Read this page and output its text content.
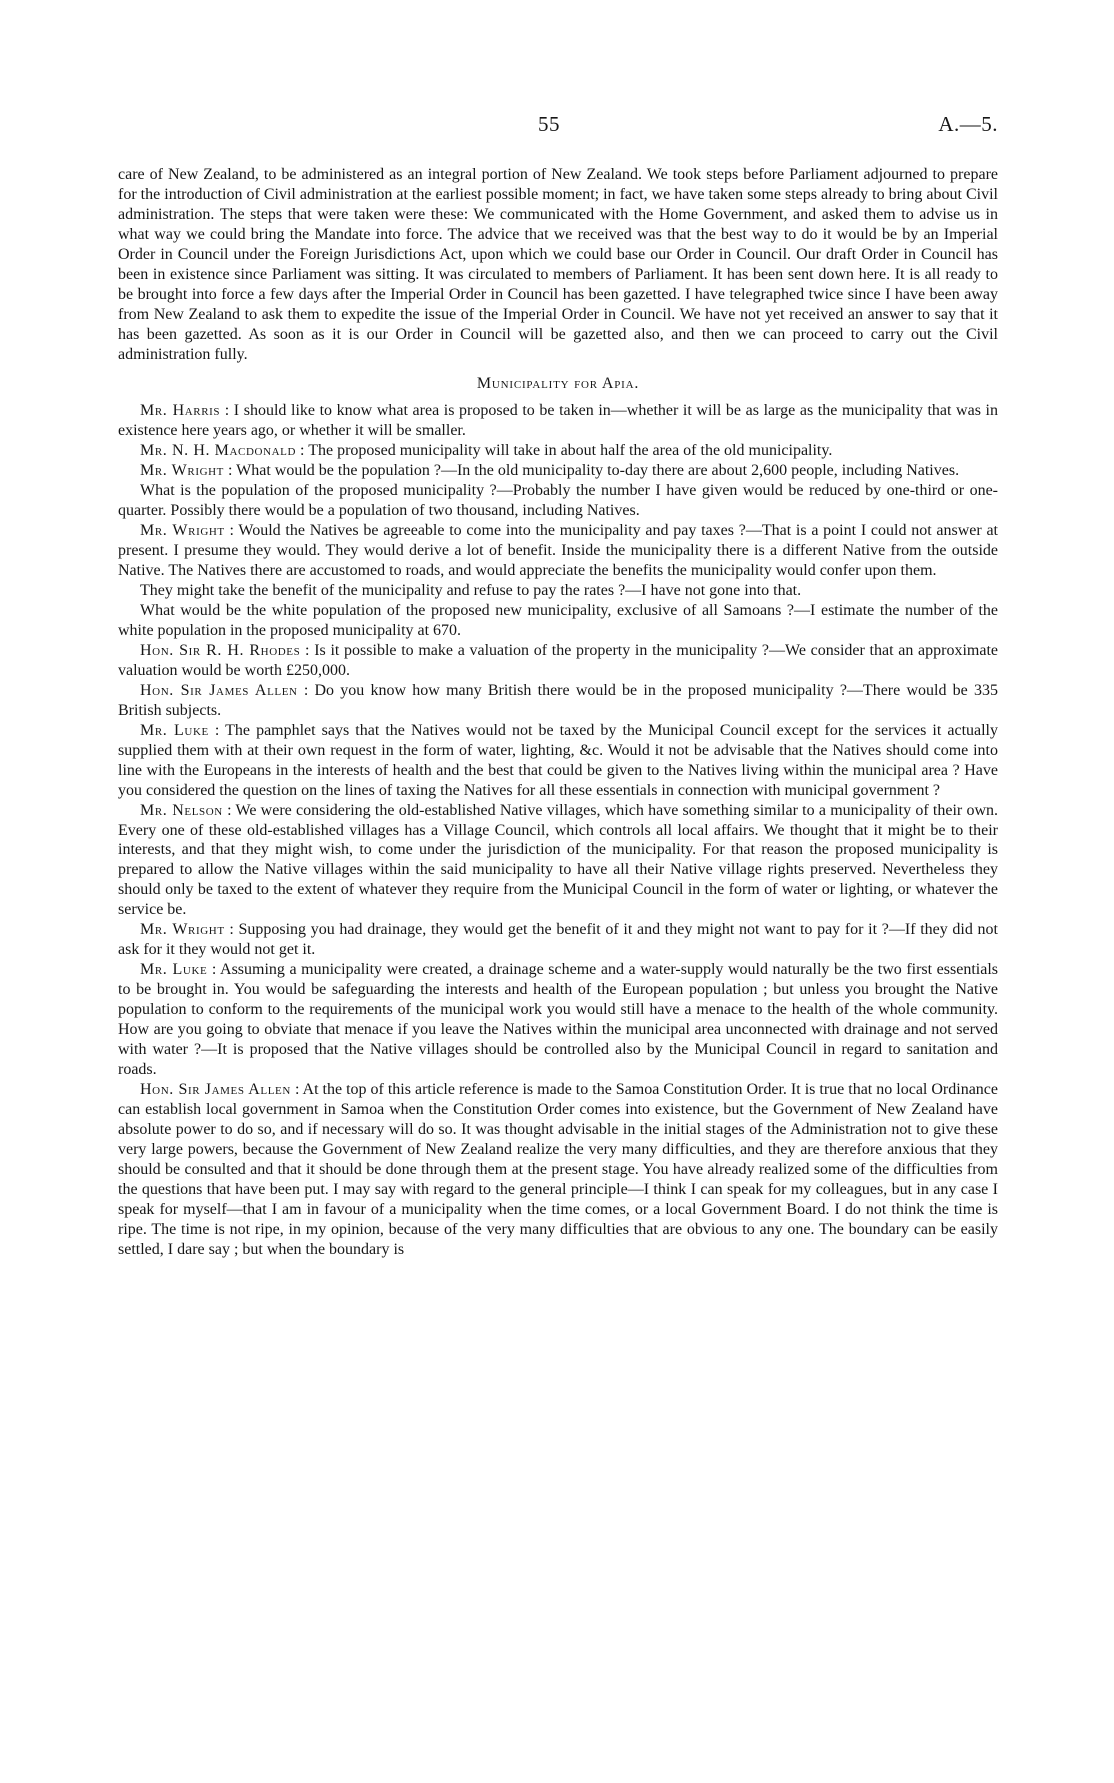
55	A.—5.

care of New Zealand, to be administered as an integral portion of New Zealand. We took steps before Parliament adjourned to prepare for the introduction of Civil administration at the earliest possible moment; in fact, we have taken some steps already to bring about Civil administration. The steps that were taken were these: We communicated with the Home Government, and asked them to advise us in what way we could bring the Mandate into force. The advice that we received was that the best way to do it would be by an Imperial Order in Council under the Foreign Jurisdictions Act, upon which we could base our Order in Council. Our draft Order in Council has been in existence since Parliament was sitting. It was circulated to members of Parliament. It has been sent down here. It is all ready to be brought into force a few days after the Imperial Order in Council has been gazetted. I have telegraphed twice since I have been away from New Zealand to ask them to expedite the issue of the Imperial Order in Council. We have not yet received an answer to say that it has been gazetted. As soon as it is our Order in Council will be gazetted also, and then we can proceed to carry out the Civil administration fully.

Municipality for Apia.

Mr. Harris : I should like to know what area is proposed to be taken in—whether it will be as large as the municipality that was in existence here years ago, or whether it will be smaller.

Mr. N. H. Macdonald : The proposed municipality will take in about half the area of the old municipality.

Mr. Wright : What would be the population ?—In the old municipality to-day there are about 2,600 people, including Natives.

What is the population of the proposed municipality ?—Probably the number I have given would be reduced by one-third or one-quarter. Possibly there would be a population of two thousand, including Natives.

Mr. Wright : Would the Natives be agreeable to come into the municipality and pay taxes ?—That is a point I could not answer at present. I presume they would. They would derive a lot of benefit. Inside the municipality there is a different Native from the outside Native. The Natives there are accustomed to roads, and would appreciate the benefits the municipality would confer upon them.

They might take the benefit of the municipality and refuse to pay the rates ?—I have not gone into that.

What would be the white population of the proposed new municipality, exclusive of all Samoans ?—I estimate the number of the white population in the proposed municipality at 670.

Hon. Sir R. H. Rhodes : Is it possible to make a valuation of the property in the municipality ?—We consider that an approximate valuation would be worth £250,000.

Hon. Sir James Allen : Do you know how many British there would be in the proposed municipality ?—There would be 335 British subjects.

Mr. Luke : The pamphlet says that the Natives would not be taxed by the Municipal Council except for the services it actually supplied them with at their own request in the form of water, lighting, &c. Would it not be advisable that the Natives should come into line with the Europeans in the interests of health and the best that could be given to the Natives living within the municipal area ? Have you considered the question on the lines of taxing the Natives for all these essentials in connection with municipal government ?

Mr. Nelson : We were considering the old-established Native villages, which have something similar to a municipality of their own. Every one of these old-established villages has a Village Council, which controls all local affairs. We thought that it might be to their interests, and that they might wish, to come under the jurisdiction of the municipality. For that reason the proposed municipality is prepared to allow the Native villages within the said municipality to have all their Native village rights preserved. Nevertheless they should only be taxed to the extent of whatever they require from the Municipal Council in the form of water or lighting, or whatever the service be.

Mr. Wright : Supposing you had drainage, they would get the benefit of it and they might not want to pay for it ?—If they did not ask for it they would not get it.

Mr. Luke : Assuming a municipality were created, a drainage scheme and a water-supply would naturally be the two first essentials to be brought in. You would be safeguarding the interests and health of the European population ; but unless you brought the Native population to conform to the requirements of the municipal work you would still have a menace to the health of the whole community. How are you going to obviate that menace if you leave the Natives within the municipal area unconnected with drainage and not served with water ?—It is proposed that the Native villages should be controlled also by the Municipal Council in regard to sanitation and roads.

Hon. Sir James Allen : At the top of this article reference is made to the Samoa Constitution Order. It is true that no local Ordinance can establish local government in Samoa when the Constitution Order comes into existence, but the Government of New Zealand have absolute power to do so, and if necessary will do so. It was thought advisable in the initial stages of the Administration not to give these very large powers, because the Government of New Zealand realize the very many difficulties, and they are therefore anxious that they should be consulted and that it should be done through them at the present stage. You have already realized some of the difficulties from the questions that have been put. I may say with regard to the general principle—I think I can speak for my colleagues, but in any case I speak for myself—that I am in favour of a municipality when the time comes, or a local Government Board. I do not think the time is ripe. The time is not ripe, in my opinion, because of the very many difficulties that are obvious to any one. The boundary can be easily settled, I dare say ; but when the boundary is
